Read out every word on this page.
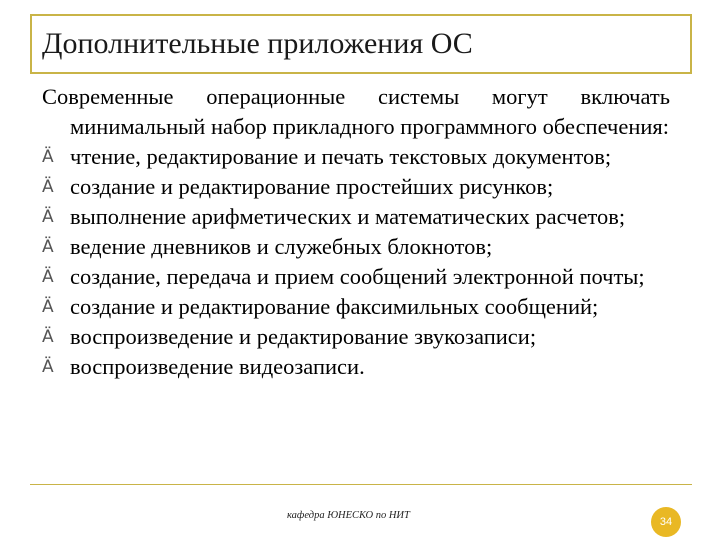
Дополнительные приложения ОС

Современные операционные системы могут включать минимальный набор прикладного программного обеспечения:

Ä чтение, редактирование и печать текстовых документов;
Ä создание и редактирование простейших рисунков;
Ä выполнение арифметических и математических расчетов;
Ä ведение дневников и служебных блокнотов;
Ä создание, передача и прием сообщений электронной почты;
Ä создание и редактирование факсимильных сообщений;
Ä воспроизведение и редактирование звукозаписи;
Ä воспроизведение видеозаписи.
кафедра ЮНЕСКО по НИТ
34
